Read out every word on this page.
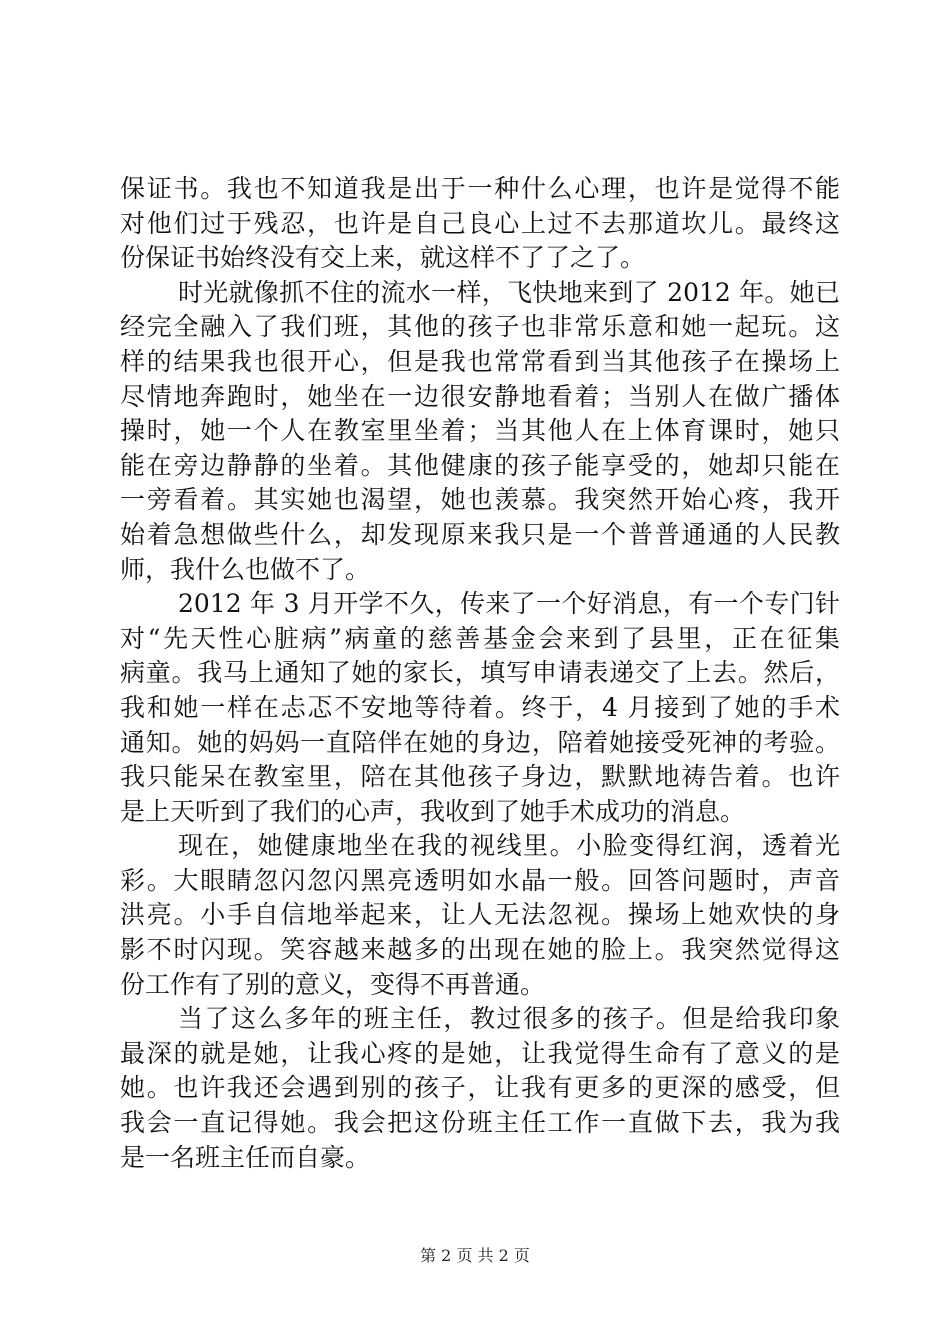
保证书。我也不知道我是出于一种什么心理，也许是觉得不能
对他们过于残忍，也许是自己良心上过不去那道坎儿。最终这
份保证书始终没有交上来，就这样不了了之了。
时光就像抓不住的流水一样，飞快地来到了 2012 年。她已
经完全融入了我们班，其他的孩子也非常乐意和她一起玩。这
样的结果我也很开心，但是我也常常看到当其他孩子在操场上
尽情地奔跑时，她坐在一边很安静地看着；当别人在做广播体
操时，她一个人在教室里坐着；当其他人在上体育课时，她只
能在旁边静静的坐着。其他健康的孩子能享受的，她却只能在
一旁看着。其实她也渴望，她也羡慕。我突然开始心疼，我开
始着急想做些什么，却发现原来我只是一个普普通通的人民教
师，我什么也做不了。
2012 年 3 月开学不久，传来了一个好消息，有一个专门针
对“先天性心脏病”病童的慈善基金会来到了县里，正在征集
病童。我马上通知了她的家长，填写申请表递交了上去。然后，
我和她一样在忐忑不安地等待着。终于，4 月接到了她的手术
通知。她的妈妈一直陪伴在她的身边，陪着她接受死神的考验。
我只能呆在教室里，陪在其他孩子身边，默默地祷告着。也许
是上天听到了我们的心声，我收到了她手术成功的消息。
现在，她健康地坐在我的视线里。小脸变得红润，透着光
彩。大眼睛忽闪忽闪黑亮透明如水晶一般。回答问题时，声音
洪亮。小手自信地举起来，让人无法忽视。操场上她欢快的身
影不时闪现。笑容越来越多的出现在她的脸上。我突然觉得这
份工作有了别的意义，变得不再普通。
当了这么多年的班主任，教过很多的孩子。但是给我印象
最深的就是她，让我心疼的是她，让我觉得生命有了意义的是
她。也许我还会遇到别的孩子，让我有更多的更深的感受，但
我会一直记得她。我会把这份班主任工作一直做下去，我为我
是一名班主任而自豪。
第 2 页 共 2 页
